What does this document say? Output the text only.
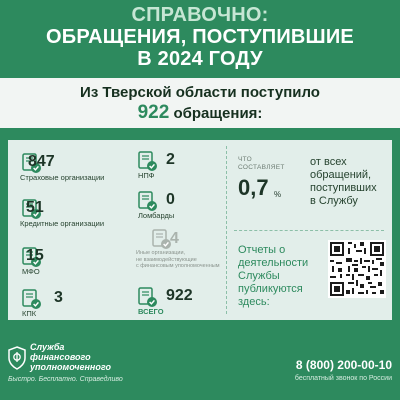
СПРАВОЧНО:
ОБРАЩЕНИЯ, ПОСТУПИВШИЕ
В 2024 ГОДУ
Из Тверской области поступило
922 обращения:
847
Страховые организации
51
Кредитные организации
15
МФО
3
КПК
2
НПФ
0
Ломбарды
4
Иные организации,
не взаимодействующие
с финансовым уполномоченным
922
ВСЕГО
ЧТО
СОСТАВЛЯЕТ
0,7 %
от всех
обращений,
поступивших
в Службу
Отчеты о
деятельности
Службы
публикуются
здесь:
Служба
финансового
уполномоченного
Быстро. Бесплатно. Справедливо
8 (800) 200-00-10
бесплатный звонок по России
